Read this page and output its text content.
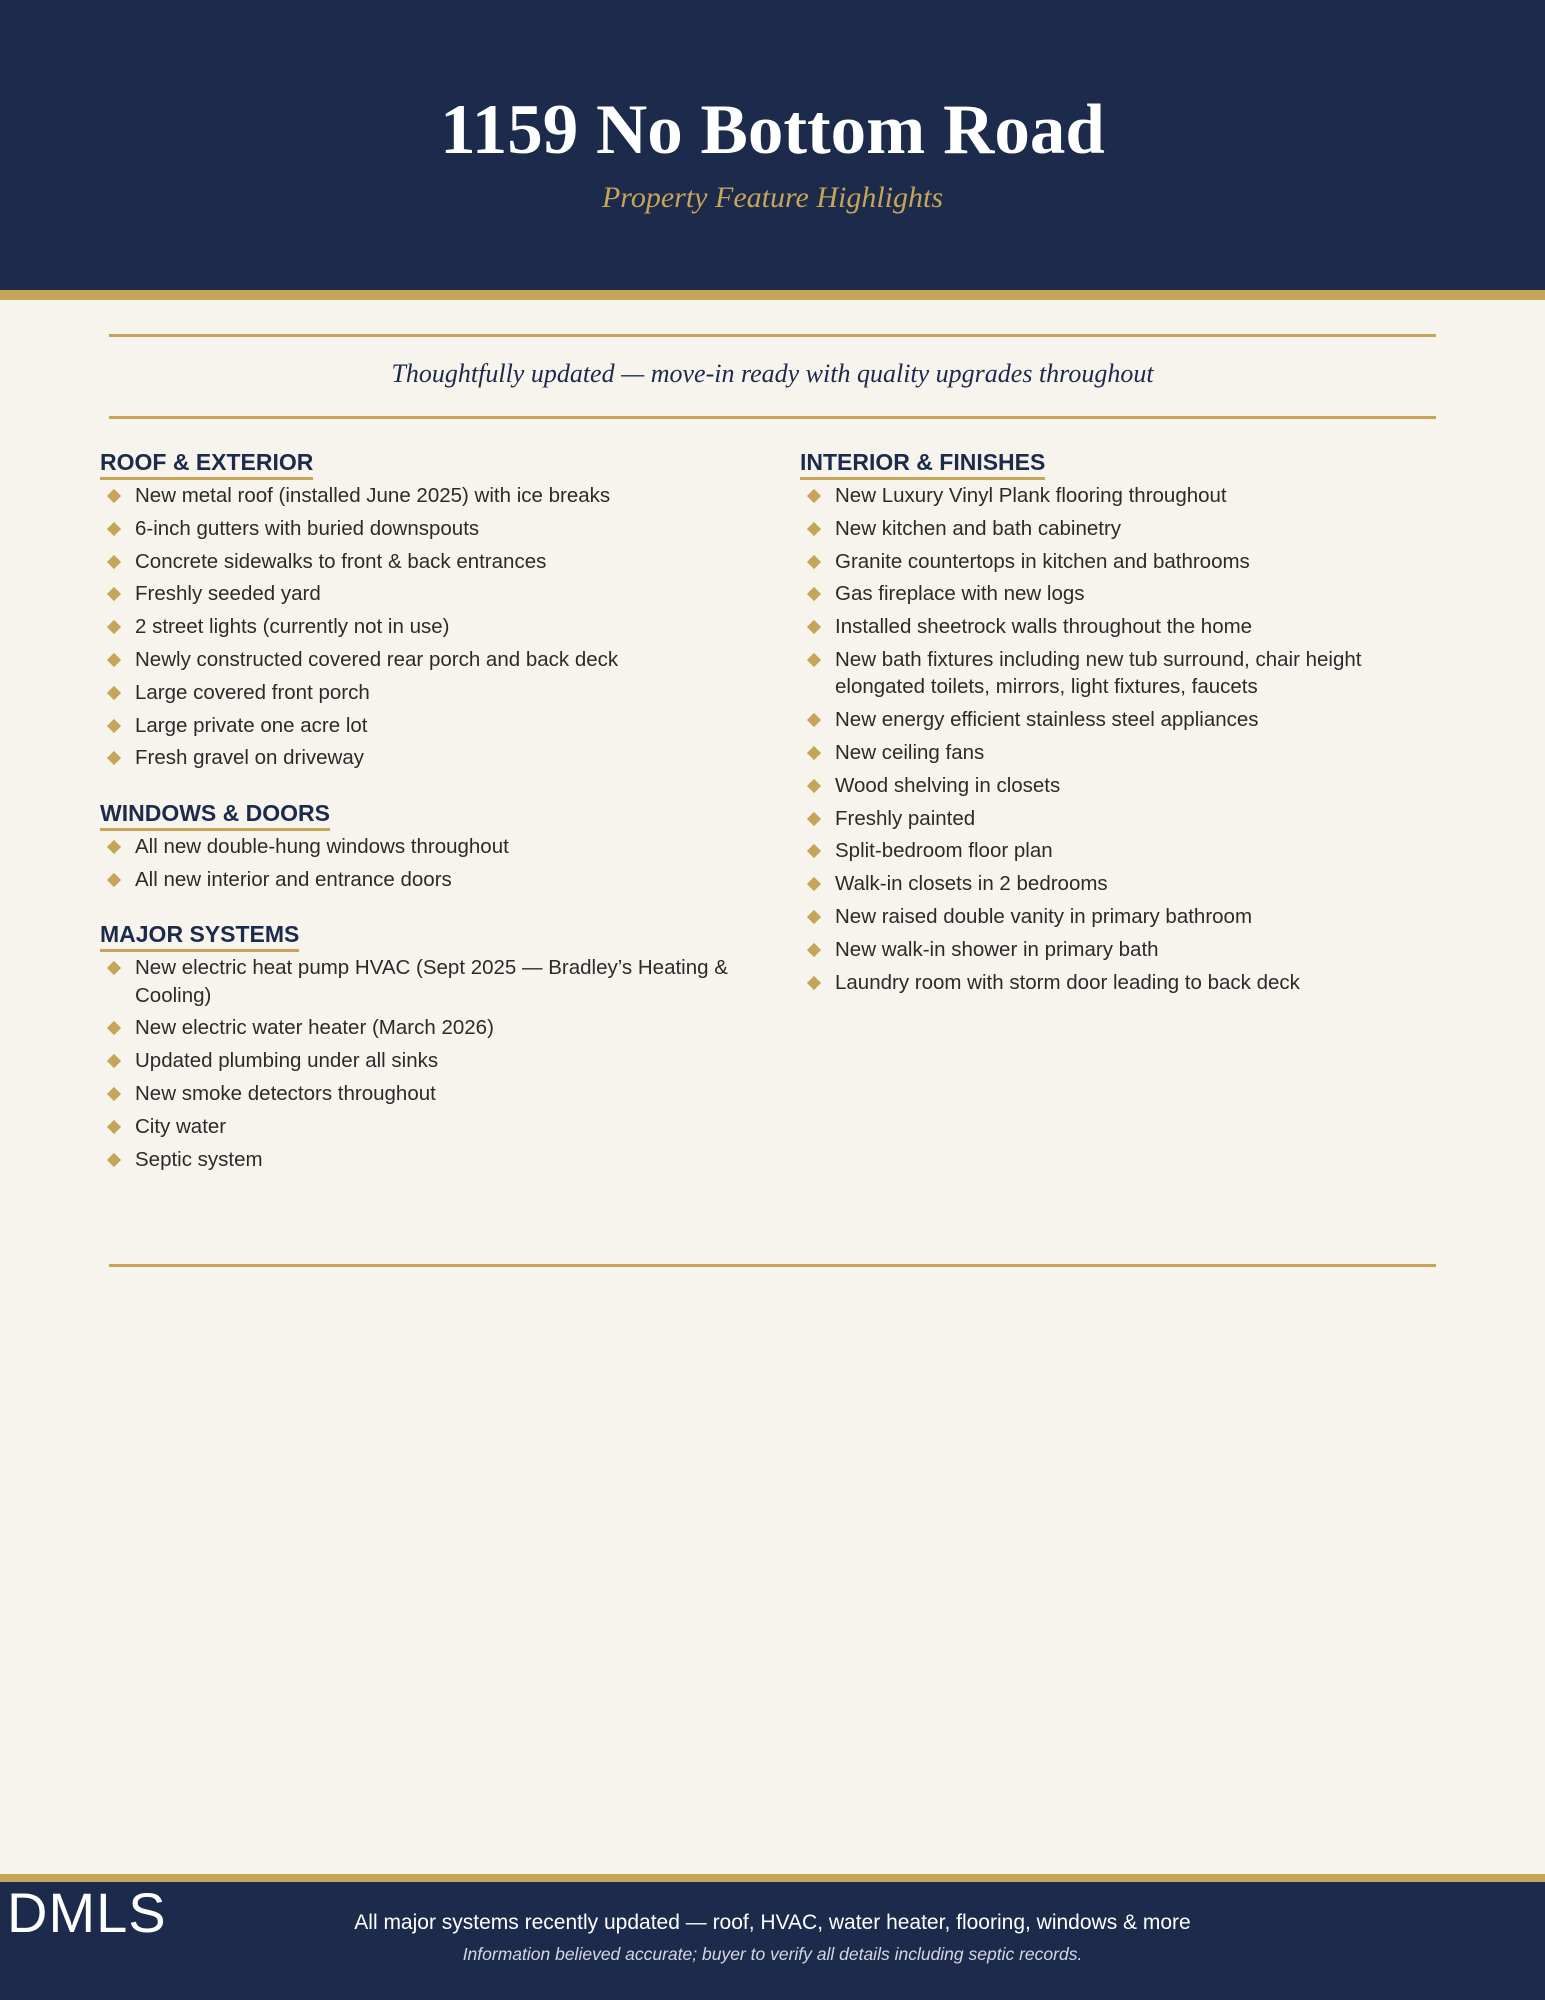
1159 No Bottom Road
Property Feature Highlights
Thoughtfully updated — move-in ready with quality upgrades throughout
ROOF & EXTERIOR
New metal roof (installed June 2025) with ice breaks
6-inch gutters with buried downspouts
Concrete sidewalks to front & back entrances
Freshly seeded yard
2 street lights (currently not in use)
Newly constructed covered rear porch and back deck
Large covered front porch
Large private one acre lot
Fresh gravel on driveway
WINDOWS & DOORS
All new double-hung windows throughout
All new interior and entrance doors
MAJOR SYSTEMS
New electric heat pump HVAC (Sept 2025 — Bradley’s Heating & Cooling)
New electric water heater (March 2026)
Updated plumbing under all sinks
New smoke detectors throughout
City water
Septic system
INTERIOR & FINISHES
New Luxury Vinyl Plank flooring throughout
New kitchen and bath cabinetry
Granite countertops in kitchen and bathrooms
Gas fireplace with new logs
Installed sheetrock walls throughout the home
New bath fixtures including new tub surround, chair height elongated toilets, mirrors, light fixtures, faucets
New energy efficient stainless steel appliances
New ceiling fans
Wood shelving in closets
Freshly painted
Split-bedroom floor plan
Walk-in closets in 2 bedrooms
New raised double vanity in primary bathroom
New walk-in shower in primary bath
Laundry room with storm door leading to back deck
DMLS	All major systems recently updated — roof, HVAC, water heater, flooring, windows & more
Information believed accurate; buyer to verify all details including septic records.
